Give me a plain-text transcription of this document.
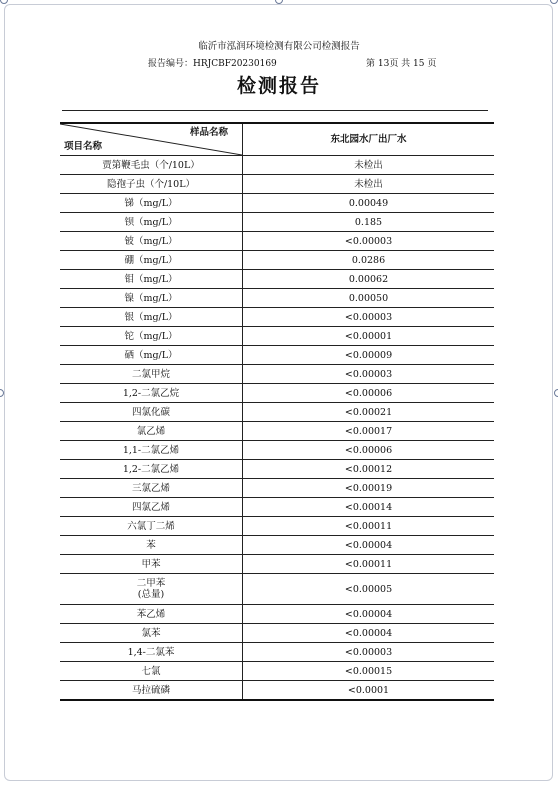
临沂市泓润环境检测有限公司检测报告
报告编号：HRJCBF20230169	第 13页 共 15 页
检测报告
样品名称
项目名称	东北园水厂出厂水

贾第鞭毛虫（个/10L）	未检出

隐孢子虫（个/10L）	未检出

锑（mg/L）	0.00049

钡（mg/L）	0.185

铍（mg/L）	<0.00003

硼（mg/L）	0.0286

钼（mg/L）	0.00062

镍（mg/L）	0.00050

银（mg/L）	<0.00003

铊（mg/L）	<0.00001

硒（mg/L）	<0.00009

二氯甲烷	<0.00003

1,2-二氯乙烷	<0.00006

四氯化碳	<0.00021

氯乙烯	<0.00017

1,1-二氯乙烯	<0.00006

1,2-二氯乙烯	<0.00012

三氯乙烯	<0.00019

四氯乙烯	<0.00014

六氯丁二烯	<0.00011

苯	<0.00004

甲苯	<0.00011

二甲苯
(总量)	<0.00005

苯乙烯	<0.00004

氯苯	<0.00004

1,4-二氯苯	<0.00003

七氯	<0.00015

马拉硫磷	<0.0001
